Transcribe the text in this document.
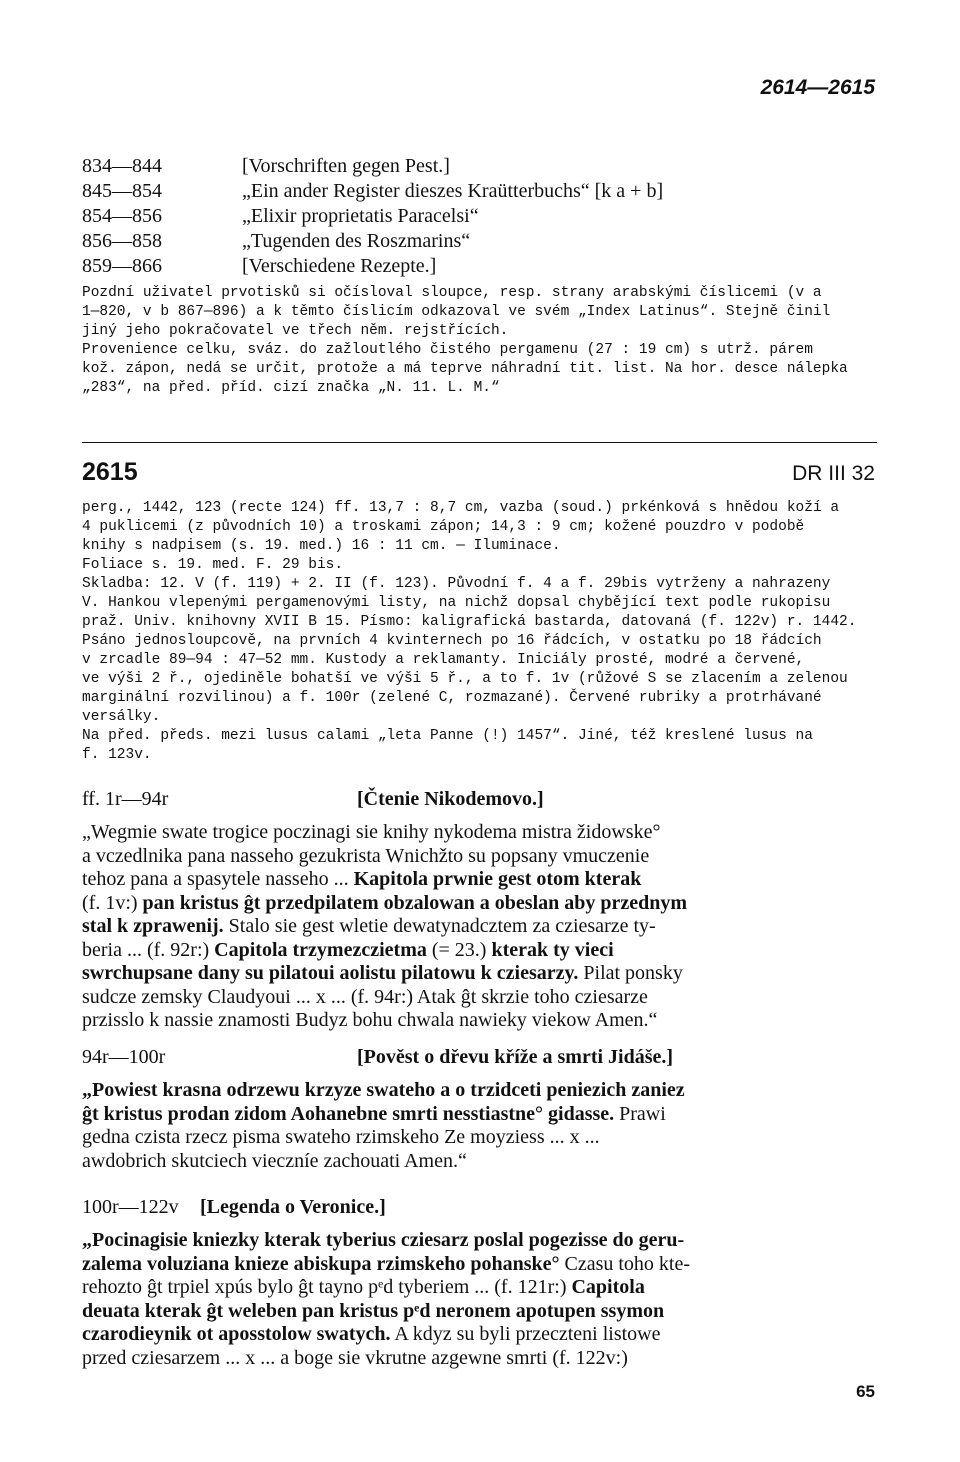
2614—2615
834—844	[Vorschriften gegen Pest.]
845—854	„Ein ander Register dieszes Kraütterbuchs“ [k a + b]
854—856	„Elixir proprietatis Paracelsi“
856—858	„Tugenden des Roszmarins“
859—866	[Verschiedene Rezepte.]
Pozdní uživatel prvotisků si očísloval sloupce, resp. strany arabskými číslicemi (v a
1—820, v b 867—896) a k těmto číslicím odkazoval ve svém „Index Latinus“. Stejně činil
jiný jeho pokračovatel ve třech něm. rejstřících.
Provenience celku, sváz. do zažloutlého čistého pergamenu (27 : 19 cm) s utrž. párem
kož. zápon, nedá se určit, protože a má teprve náhradní tit. list. Na hor. desce nálepka
„283“, na před. příd. cizí značka „N. 11. L. M.“
2615	DR III 32
perg., 1442, 123 (recte 124) ff. 13,7 : 8,7 cm, vazba (soud.) prkénková s hnědou koží a
4 puklicemi (z původních 10) a troskami zápon; 14,3 : 9 cm; kožené pouzdro v podobě
knihy s nadpisem (s. 19. med.) 16 : 11 cm. — Iluminace.
Foliace s. 19. med. F. 29 bis.
Skladba: 12. V (f. 119) + 2. II (f. 123). Původní f. 4 a f. 29bis vytrženy a nahrazeny
V. Hankou vlepenými pergamenovými listy, na nichž dopsal chybějící text podle rukopisu
praž. Univ. knihovny XVII B 15. Písmo: kaligrafická bastarda, datovaná (f. 122v) r. 1442.
Psáno jednosloupcově, na prvních 4 kvinternech po 16 řádcích, v ostatku po 18 řádcích
v zrcadle 89—94 : 47—52 mm. Kustody a reklamanty. Iniciály prosté, modré a červené,
ve výši 2 ř., ojediněle bohatší ve výši 5 ř., a to f. 1v (růžové S se zlacením a zelenou
marginální rozvilinou) a f. 100r (zelené C, rozmazané). Červené rubriky a protrhávané
versálky.
Na před. předs. mezi lusus calami „leta Panne (!) 1457“. Jiné, též kreslené lusus na
f. 123v.
ff. 1r—94r	[Čtenie Nikodemovo.]
„Wegmie swate trogice poczinagi sie knihy nykodema mistra židowske°
a vczedlnika pana nasseho gezukrista Wnichžto su popsany vmuczenie
tehoz pana a spasytele nasseho ... Kapitola prwnie gest otom kterak
(f. 1v:) pan kristus ĝt przedpilatem obzalowan a obeslan aby przednym
stal k zprawenij. Stalo sie gest wletie dewatynadcztem za cziesarze ty-
beria ... (f. 92r:) Capitola trzymezczietma (= 23.) kterak ty vieci
swrchupsane dany su pilatoui aolistu pilatowu k cziesarzy. Pilat ponsky
sudcze zemsky Claudyoui ... x ... (f. 94r:) Atak ĝt skrzie toho cziesarze
przisslo k nassie znamosti Budyz bohu chwala nawieky viekow Amen.“
94r—100r	[Pověst o dřevu kříže a smrti Jidáše.]
„Powiest krasna odrzewu krzyze swateho a o trzidceti peniezich zaniez
ĝt kristus prodan zidom Aohanebne smrti nesstiastne° gidasse. Prawi
gedna czista rzecz pisma swateho rzimskeho Ze moyziess ... x ...
awdobrich skutciech vieczníe zachouati Amen.“
100r—122v	[Legenda o Veronice.]
„Pocinagisie kniezky kterak tyberius cziesarz poslal pogezisse do geru-
zalema voluziana knieze abiskupa rzimskeho pohanske° Czasu toho kte-
rehozto ĝt trpiel xpús bylo ĝt tayno pᵉd tyberiem ... (f. 121r:) Capitola
deuata kterak ĝt weleben pan kristus pᵉd neronem apotupen ssymon
czarodieynik ot aposstolow swatych. A kdyz su byli przeczteni listowe
przed cziesarzem ... x ... a boge sie vkrutne azgewne smrti (f. 122v:)
65
